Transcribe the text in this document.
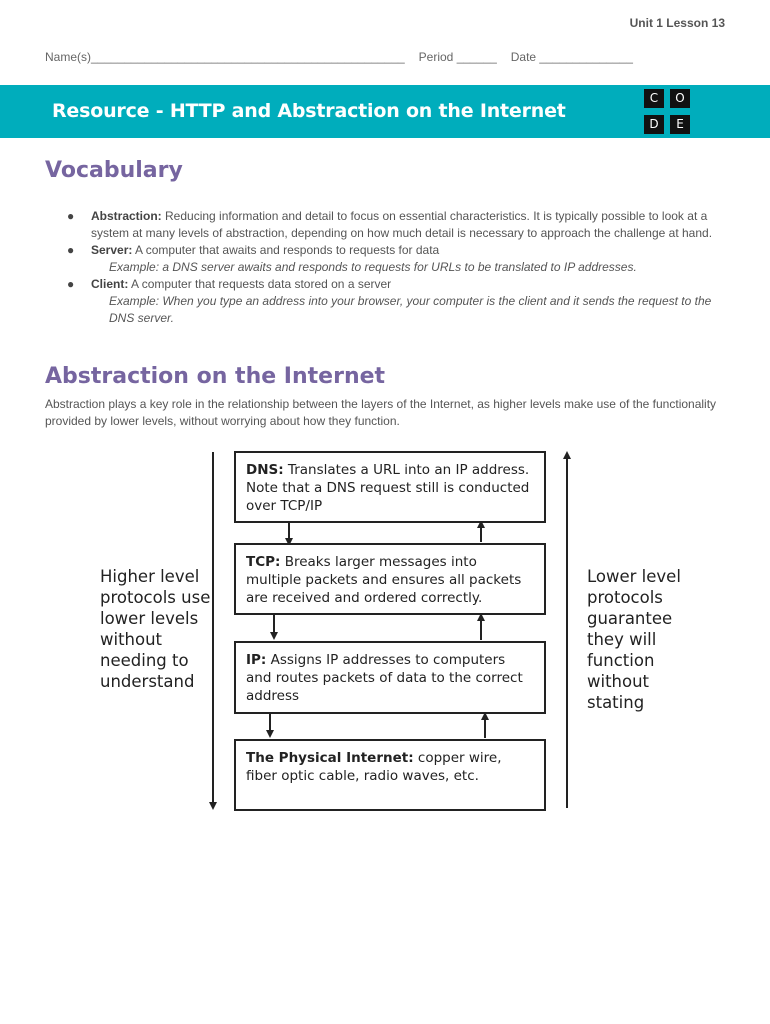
Unit 1 Lesson 13
Name(s)_______________________________________________ Period ______ Date ______________
Resource - HTTP and Abstraction on the Internet
C	O
D	E
Vocabulary
● Abstraction: Reducing information and detail to focus on essential characteristics. It is typically possible to look at a system at many levels of abstraction, depending on how much detail is necessary to approach the challenge at hand.
● Server: A computer that awaits and responds to requests for data
Example: a DNS server awaits and responds to requests for URLs to be translated to IP addresses.
● Client: A computer that requests data stored on a server
Example: When you type an address into your browser, your computer is the client and it sends the request to the DNS server.
Abstraction on the Internet
Abstraction plays a key role in the relationship between the layers of the Internet, as higher levels make use of the functionality provided by lower levels, without worrying about how they function.
DNS: Translates a URL into an IP address. Note that a DNS request still is conducted over TCP/IP
TCP: Breaks larger messages into multiple packets and ensures all packets are received and ordered correctly.
IP: Assigns IP addresses to computers and routes packets of data to the correct address
The Physical Internet: copper wire, fiber optic cable, radio waves, etc.
Higher level protocols use lower levels without needing to understand
Lower level protocols guarantee they will function without stating
